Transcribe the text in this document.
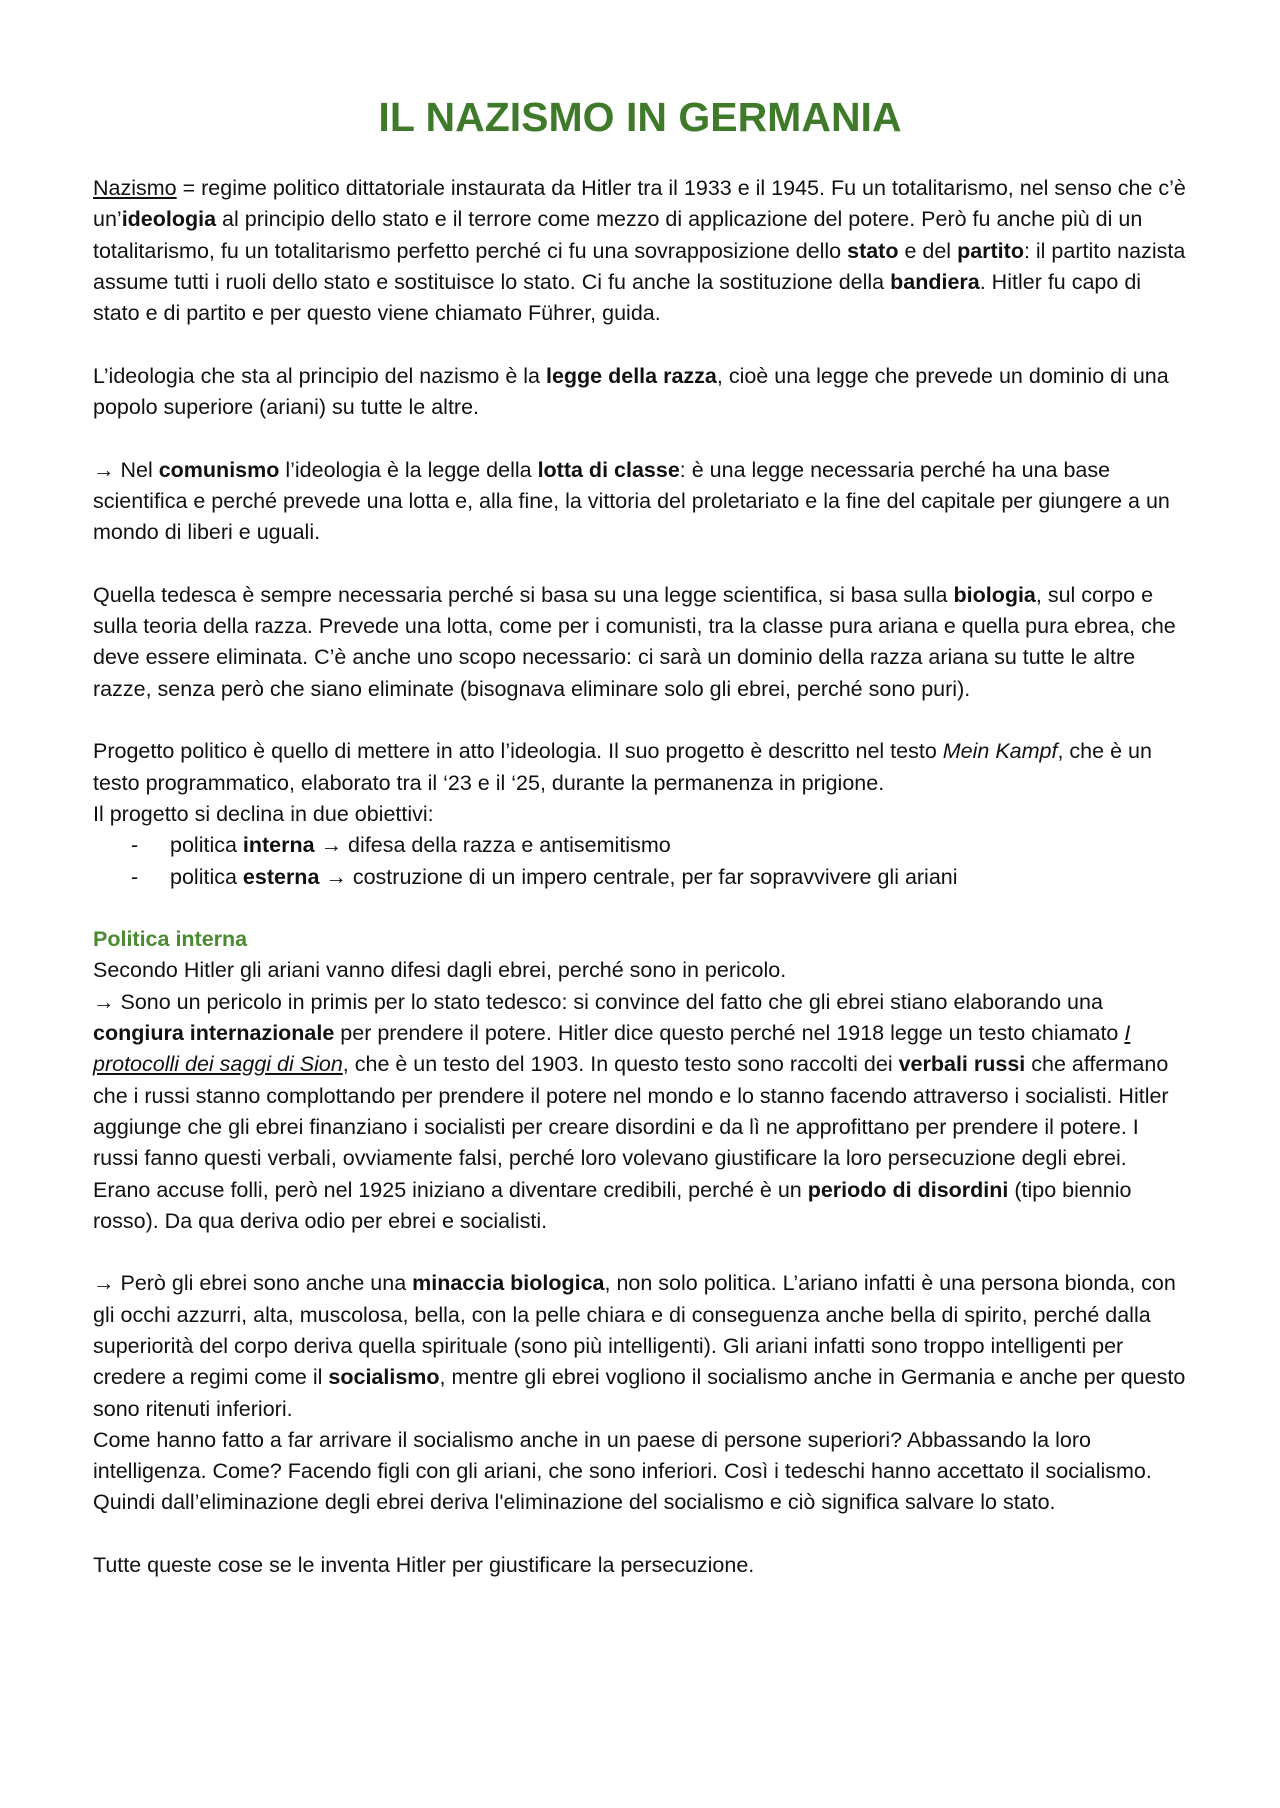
IL NAZISMO IN GERMANIA

Nazismo = regime politico dittatoriale instaurata da Hitler tra il 1933 e il 1945. Fu un totalitarismo, nel senso che c’è un’ideologia al principio dello stato e il terrore come mezzo di applicazione del potere. Però fu anche più di un totalitarismo, fu un totalitarismo perfetto perché ci fu una sovrapposizione dello stato e del partito: il partito nazista assume tutti i ruoli dello stato e sostituisce lo stato. Ci fu anche la sostituzione della bandiera. Hitler fu capo di stato e di partito e per questo viene chiamato Führer, guida.

L’ideologia che sta al principio del nazismo è la legge della razza, cioè una legge che prevede un dominio di una popolo superiore (ariani) su tutte le altre.

→ Nel comunismo l’ideologia è la legge della lotta di classe: è una legge necessaria perché ha una base scientifica e perché prevede una lotta e, alla fine, la vittoria del proletariato e la fine del capitale per giungere a un mondo di liberi e uguali.

Quella tedesca è sempre necessaria perché si basa su una legge scientifica, si basa sulla biologia, sul corpo e sulla teoria della razza. Prevede una lotta, come per i comunisti, tra la classe pura ariana e quella pura ebrea, che deve essere eliminata. C’è anche uno scopo necessario: ci sarà un dominio della razza ariana su tutte le altre razze, senza però che siano eliminate (bisognava eliminare solo gli ebrei, perché sono puri).

Progetto politico è quello di mettere in atto l’ideologia. Il suo progetto è descritto nel testo Mein Kampf, che è un testo programmatico, elaborato tra il ‘23 e il ‘25, durante la permanenza in prigione.

Il progetto si declina in due obiettivi:

- politica interna → difesa della razza e antisemitismo
- politica esterna → costruzione di un impero centrale, per far sopravvivere gli ariani

Politica interna

Secondo Hitler gli ariani vanno difesi dagli ebrei, perché sono in pericolo.

→ Sono un pericolo in primis per lo stato tedesco: si convince del fatto che gli ebrei stiano elaborando una congiura internazionale per prendere il potere. Hitler dice questo perché nel 1918 legge un testo chiamato I protocolli dei saggi di Sion, che è un testo del 1903. In questo testo sono raccolti dei verbali russi che affermano che i russi stanno complottando per prendere il potere nel mondo e lo stanno facendo attraverso i socialisti. Hitler aggiunge che gli ebrei finanziano i socialisti per creare disordini e da lì ne approfittano per prendere il potere. I russi fanno questi verbali, ovviamente falsi, perché loro volevano giustificare la loro persecuzione degli ebrei.

Erano accuse folli, però nel 1925 iniziano a diventare credibili, perché è un periodo di disordini (tipo biennio rosso). Da qua deriva odio per ebrei e socialisti.

→ Però gli ebrei sono anche una minaccia biologica, non solo politica. L’ariano infatti è una persona bionda, con gli occhi azzurri, alta, muscolosa, bella, con la pelle chiara e di conseguenza anche bella di spirito, perché dalla superiorità del corpo deriva quella spirituale (sono più intelligenti). Gli ariani infatti sono troppo intelligenti per credere a regimi come il socialismo, mentre gli ebrei vogliono il socialismo anche in Germania e anche per questo sono ritenuti inferiori.

Come hanno fatto a far arrivare il socialismo anche in un paese di persone superiori? Abbassando la loro intelligenza. Come? Facendo figli con gli ariani, che sono inferiori. Così i tedeschi hanno accettato il socialismo. Quindi dall’eliminazione degli ebrei deriva l'eliminazione del socialismo e ciò significa salvare lo stato.

Tutte queste cose se le inventa Hitler per giustificare la persecuzione.
